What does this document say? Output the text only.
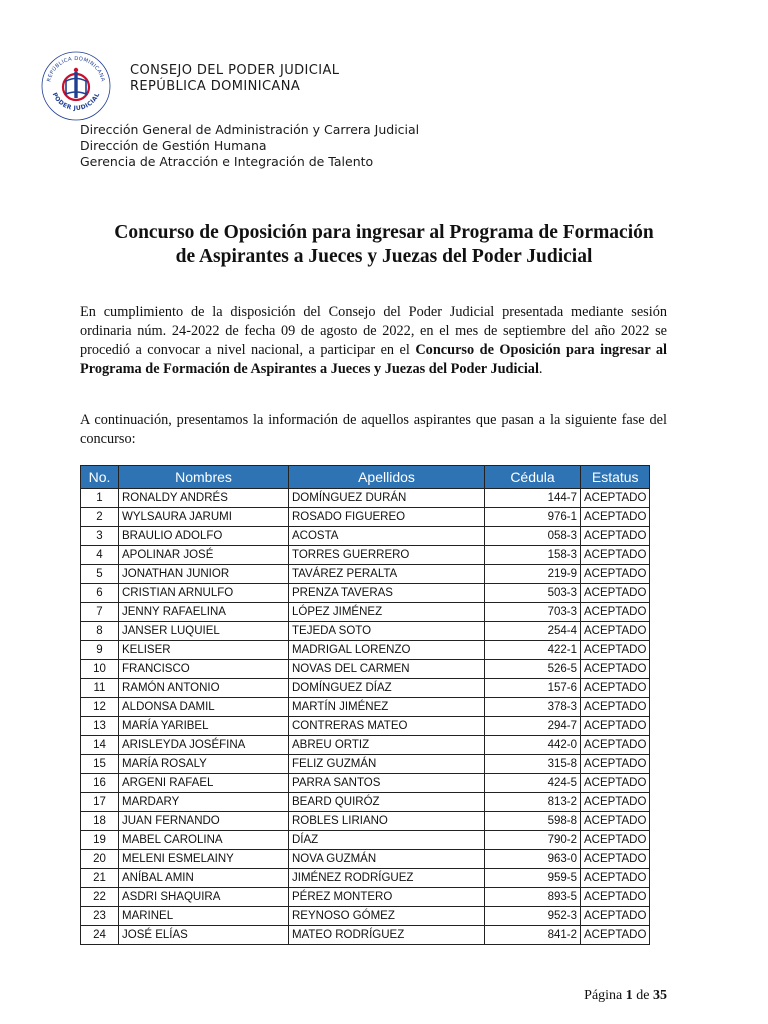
REPÚBLICA DOMINICANA
PODER JUDICIAL
CONSEJO DEL PODER JUDICIAL
REPÚBLICA DOMINICANA
Dirección General de Administración y Carrera Judicial
Dirección de Gestión Humana
Gerencia de Atracción e Integración de Talento
Concurso de Oposición para ingresar al Programa de Formación
de Aspirantes a Jueces y Juezas del Poder Judicial
En cumplimiento de la disposición del Consejo del Poder Judicial presentada mediante sesión ordinaria núm. 24-2022 de fecha 09 de agosto de 2022, en el mes de septiembre del año 2022 se procedió a convocar a nivel nacional, a participar en el Concurso de Oposición para ingresar al Programa de Formación de Aspirantes a Jueces y Juezas del Poder Judicial.
A continuación, presentamos la información de aquellos aspirantes que pasan a la siguiente fase del concurso:
No.	Nombres	Apellidos	Cédula	Estatus
1	RONALDY ANDRÉS	DOMÍNGUEZ DURÁN	144-7	ACEPTADO
2	WYLSAURA JARUMI	ROSADO FIGUEREO	976-1	ACEPTADO
3	BRAULIO ADOLFO	ACOSTA	058-3	ACEPTADO
4	APOLINAR JOSÉ	TORRES GUERRERO	158-3	ACEPTADO
5	JONATHAN JUNIOR	TAVÁREZ PERALTA	219-9	ACEPTADO
6	CRISTIAN ARNULFO	PRENZA TAVERAS	503-3	ACEPTADO
7	JENNY RAFAELINA	LÓPEZ JIMÉNEZ	703-3	ACEPTADO
8	JANSER LUQUIEL	TEJEDA SOTO	254-4	ACEPTADO
9	KELISER	MADRIGAL LORENZO	422-1	ACEPTADO
10	FRANCISCO	NOVAS DEL CARMEN	526-5	ACEPTADO
11	RAMÓN ANTONIO	DOMÍNGUEZ DÍAZ	157-6	ACEPTADO
12	ALDONSA DAMIL	MARTÍN JIMÉNEZ	378-3	ACEPTADO
13	MARÍA YARIBEL	CONTRERAS MATEO	294-7	ACEPTADO
14	ARISLEYDA JOSÉFINA	ABREU ORTIZ	442-0	ACEPTADO
15	MARÍA ROSALY	FELIZ GUZMÁN	315-8	ACEPTADO
16	ARGENI RAFAEL	PARRA SANTOS	424-5	ACEPTADO
17	MARDARY	BEARD QUIRÓZ	813-2	ACEPTADO
18	JUAN FERNANDO	ROBLES LIRIANO	598-8	ACEPTADO
19	MABEL CAROLINA	DÍAZ	790-2	ACEPTADO
20	MELENI ESMELAINY	NOVA GUZMÁN	963-0	ACEPTADO
21	ANÍBAL AMIN	JIMÉNEZ RODRÍGUEZ	959-5	ACEPTADO
22	ASDRI SHAQUIRA	PÉREZ MONTERO	893-5	ACEPTADO
23	MARINEL	REYNOSO GÓMEZ	952-3	ACEPTADO
24	JOSÉ ELÍAS	MATEO RODRÍGUEZ	841-2	ACEPTADO
Página 1 de 35
